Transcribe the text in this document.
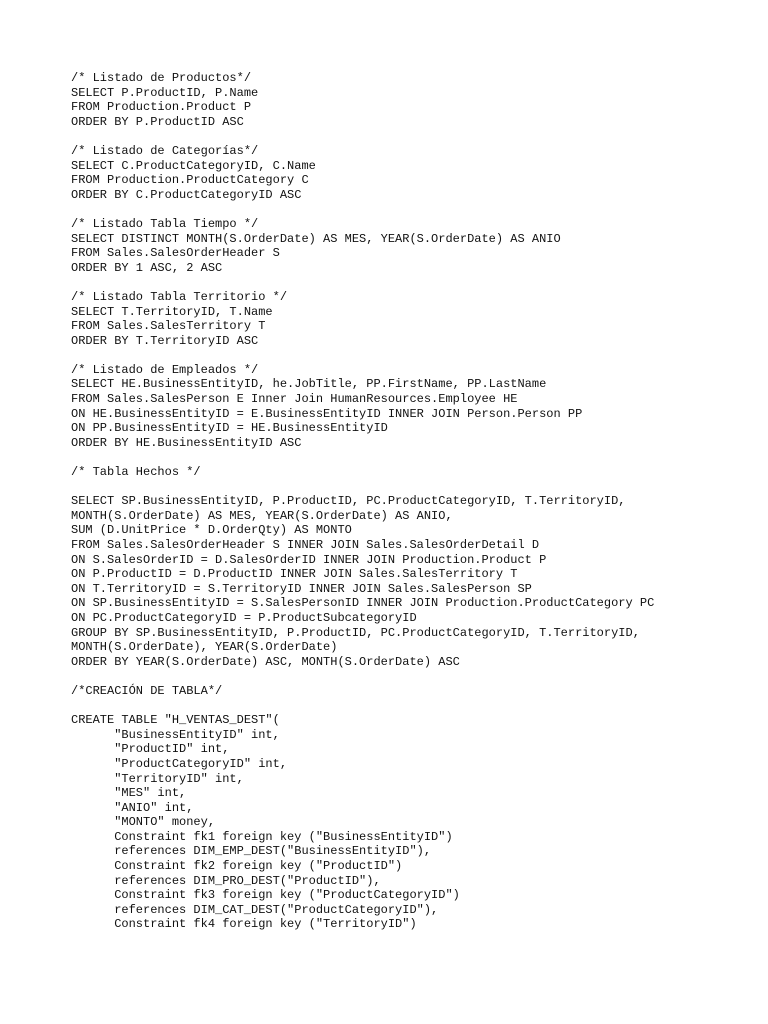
/* Listado de Productos*/
SELECT P.ProductID, P.Name
FROM Production.Product P
ORDER BY P.ProductID ASC
/* Listado de Categorías*/
SELECT C.ProductCategoryID, C.Name
FROM Production.ProductCategory C
ORDER BY C.ProductCategoryID ASC
/* Listado Tabla Tiempo */
SELECT DISTINCT MONTH(S.OrderDate) AS MES, YEAR(S.OrderDate) AS ANIO
FROM Sales.SalesOrderHeader S
ORDER BY 1 ASC, 2 ASC
/* Listado Tabla Territorio */
SELECT T.TerritoryID, T.Name
FROM Sales.SalesTerritory T
ORDER BY T.TerritoryID ASC
/* Listado de Empleados */
SELECT HE.BusinessEntityID, he.JobTitle, PP.FirstName, PP.LastName
FROM Sales.SalesPerson E Inner Join HumanResources.Employee HE
ON HE.BusinessEntityID = E.BusinessEntityID INNER JOIN Person.Person PP
ON PP.BusinessEntityID = HE.BusinessEntityID
ORDER BY HE.BusinessEntityID ASC
/* Tabla Hechos */
SELECT SP.BusinessEntityID, P.ProductID, PC.ProductCategoryID, T.TerritoryID,
MONTH(S.OrderDate) AS MES, YEAR(S.OrderDate) AS ANIO,
SUM (D.UnitPrice * D.OrderQty) AS MONTO
FROM Sales.SalesOrderHeader S INNER JOIN Sales.SalesOrderDetail D
ON S.SalesOrderID = D.SalesOrderID INNER JOIN Production.Product P
ON P.ProductID = D.ProductID INNER JOIN Sales.SalesTerritory T
ON T.TerritoryID = S.TerritoryID INNER JOIN Sales.SalesPerson SP
ON SP.BusinessEntityID = S.SalesPersonID INNER JOIN Production.ProductCategory PC
ON PC.ProductCategoryID = P.ProductSubcategoryID
GROUP BY SP.BusinessEntityID, P.ProductID, PC.ProductCategoryID, T.TerritoryID,
MONTH(S.OrderDate), YEAR(S.OrderDate)
ORDER BY YEAR(S.OrderDate) ASC, MONTH(S.OrderDate) ASC
/*CREACIÓN DE TABLA*/
CREATE TABLE "H_VENTAS_DEST"(
"BusinessEntityID" int,
"ProductID" int,
"ProductCategoryID" int,
"TerritoryID" int,
"MES" int,
"ANIO" int,
"MONTO" money,
Constraint fk1 foreign key ("BusinessEntityID")
references DIM_EMP_DEST("BusinessEntityID"),
Constraint fk2 foreign key ("ProductID")
references DIM_PRO_DEST("ProductID"),
Constraint fk3 foreign key ("ProductCategoryID")
references DIM_CAT_DEST("ProductCategoryID"),
Constraint fk4 foreign key ("TerritoryID")
